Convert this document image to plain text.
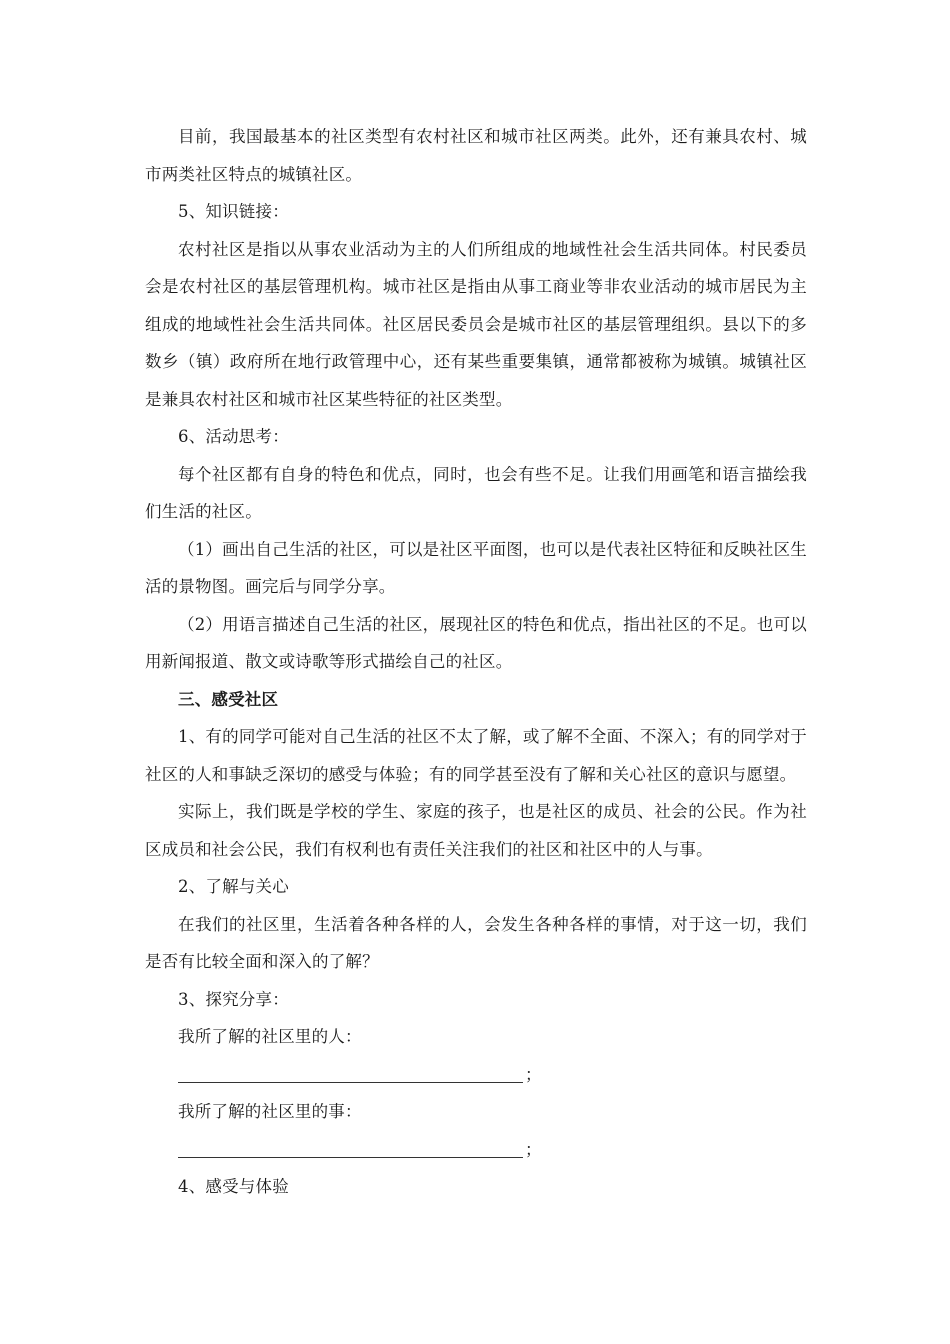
目前，我国最基本的社区类型有农村社区和城市社区两类。此外，还有兼具农村、城市两类社区特点的城镇社区。

5、知识链接：

农村社区是指以从事农业活动为主的人们所组成的地域性社会生活共同体。村民委员会是农村社区的基层管理机构。城市社区是指由从事工商业等非农业活动的城市居民为主组成的地域性社会生活共同体。社区居民委员会是城市社区的基层管理组织。县以下的多数乡（镇）政府所在地行政管理中心，还有某些重要集镇，通常都被称为城镇。城镇社区是兼具农村社区和城市社区某些特征的社区类型。

6、活动思考：

每个社区都有自身的特色和优点，同时，也会有些不足。让我们用画笔和语言描绘我们生活的社区。

（1）画出自己生活的社区，可以是社区平面图，也可以是代表社区特征和反映社区生活的景物图。画完后与同学分享。

（2）用语言描述自己生活的社区，展现社区的特色和优点，指出社区的不足。也可以用新闻报道、散文或诗歌等形式描绘自己的社区。

三、感受社区

1、有的同学可能对自己生活的社区不太了解，或了解不全面、不深入；有的同学对于社区的人和事缺乏深切的感受与体验；有的同学甚至没有了解和关心社区的意识与愿望。

实际上，我们既是学校的学生、家庭的孩子，也是社区的成员、社会的公民。作为社区成员和社会公民，我们有权利也有责任关注我们的社区和社区中的人与事。

2、了解与关心

在我们的社区里，生活着各种各样的人，会发生各种各样的事情，对于这一切，我们是否有比较全面和深入的了解？

3、探究分享：

我所了解的社区里的人：

；

我所了解的社区里的事：

；

4、感受与体验
